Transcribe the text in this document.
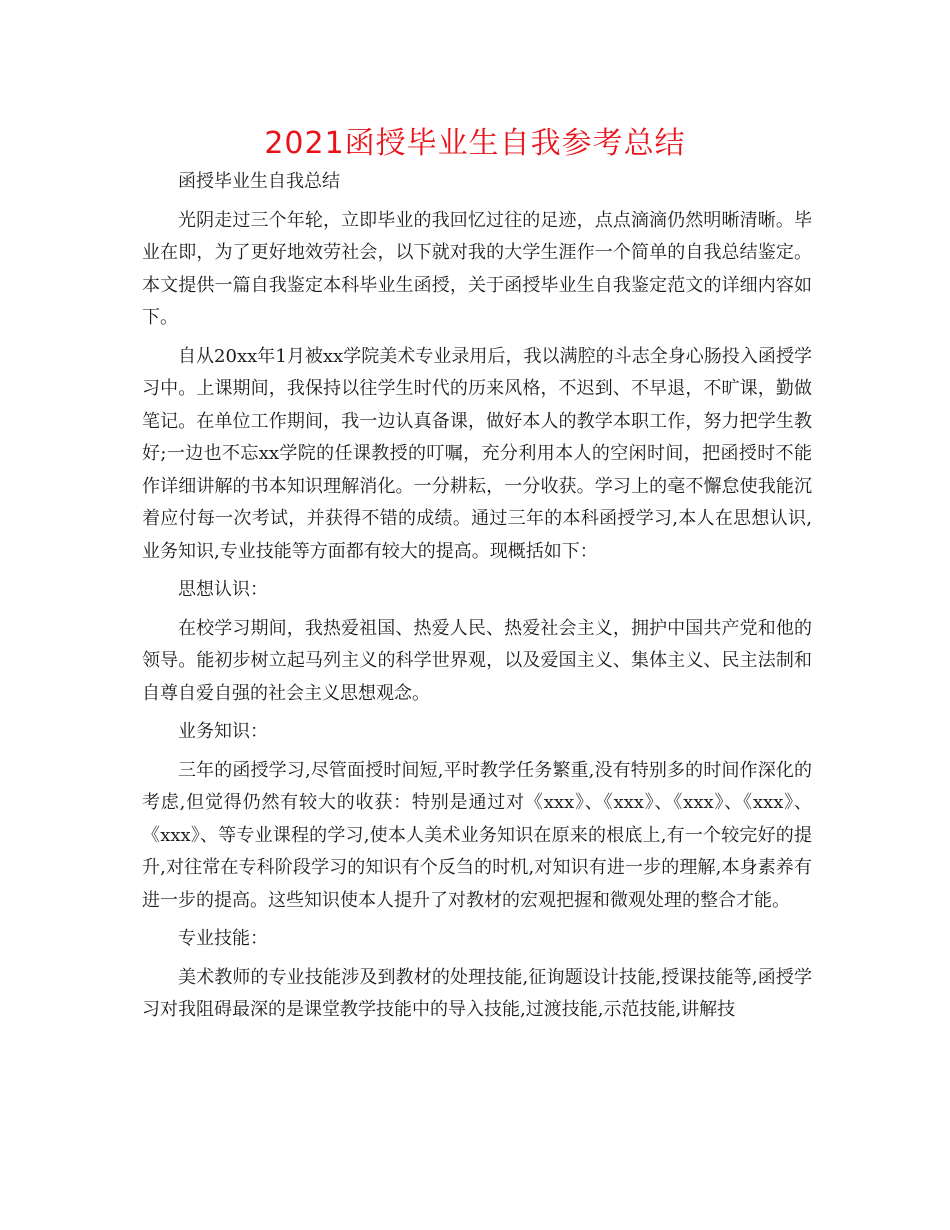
2021函授毕业生自我参考总结

函授毕业生自我总结

光阴走过三个年轮，立即毕业的我回忆过往的足迹，点点滴滴仍然明晰清晰。毕业在即，为了更好地效劳社会，以下就对我的大学生涯作一个简单的自我总结鉴定。本文提供一篇自我鉴定本科毕业生函授，关于函授毕业生自我鉴定范文的详细内容如下。

自从20xx年1月被xx学院美术专业录用后，我以满腔的斗志全身心肠投入函授学习中。上课期间，我保持以往学生时代的历来风格，不迟到、不早退，不旷课，勤做笔记。在单位工作期间，我一边认真备课，做好本人的教学本职工作，努力把学生教好;一边也不忘xx学院的任课教授的叮嘱，充分利用本人的空闲时间，把函授时不能作详细讲解的书本知识理解消化。一分耕耘，一分收获。学习上的毫不懈怠使我能沉着应付每一次考试，并获得不错的成绩。通过三年的本科函授学习,本人在思想认识,业务知识,专业技能等方面都有较大的提高。现概括如下：

思想认识：

在校学习期间，我热爱祖国、热爱人民、热爱社会主义，拥护中国共产党和他的领导。能初步树立起马列主义的科学世界观，以及爱国主义、集体主义、民主法制和自尊自爱自强的社会主义思想观念。

业务知识：

三年的函授学习,尽管面授时间短,平时教学任务繁重,没有特别多的时间作深化的考虑,但觉得仍然有较大的收获：特别是通过对《xxx》、《xxx》、《xxx》、《xxx》、《xxx》、等专业课程的学习,使本人美术业务知识在原来的根底上,有一个较完好的提升,对往常在专科阶段学习的知识有个反刍的时机,对知识有进一步的理解,本身素养有进一步的提高。这些知识使本人提升了对教材的宏观把握和微观处理的整合才能。

专业技能：

美术教师的专业技能涉及到教材的处理技能,征询题设计技能,授课技能等,函授学习对我阻碍最深的是课堂教学技能中的导入技能,过渡技能,示范技能,讲解技
